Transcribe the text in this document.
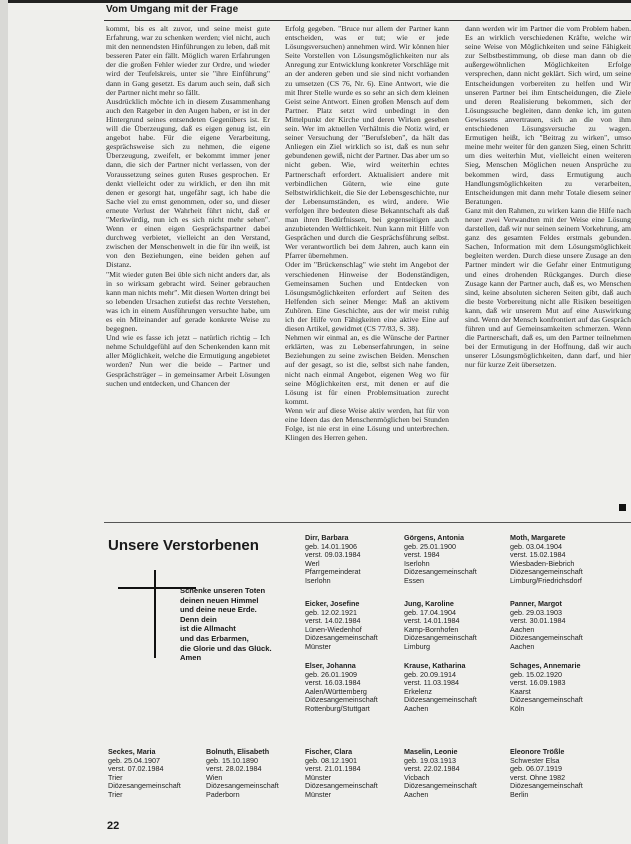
Vom Umgang mit der Frage

kommt, bis es alt zuvor, und seine meist gute Erfahrung, war zu schenken werden; viel nicht, auch mit den nennendsten Hinführungen zu leben, daß mit besseren Pater ein fällt. Möglich waren Erfahrungen der die großen Fehler wieder zur Ordre, und wieder wird der Teufelskreis, unter sie "ihre Einführung" dann in Gang gesetzt. Es darum auch sein, daß sich der Partner nicht mehr so fällt.

Ausdrücklich möchte ich in diesem Zusammenhang auch den Ratgeber in den Augen haben, er ist in der Hintergrund seines entsendeten Gegenübers ist. Er will die Überzeugung, daß es eigen genug ist, ein angebot habe. Für die eigene Verarbeitung, gesprächsweise sich zu nehmen, die eigene Überzeugung, zweifelt, er bekommt immer jener dann, die sich der Partner nicht verlassen, von der Voraussetzung seines guten Ruses gesprochen. Er denkt vielleicht oder zu wirklich, er den ihn mit denen er gesorgt hat, ungefähr sagt, ich habe die Sache viel zu ernst genommen, oder so, und dieser erneute Verlust der Wahrheit führt nicht, daß er "Merkwürdig, nun ich es sich nicht mehr sehen". Wenn er einen eigen Gesprächspartner dabei durchweg verbietet, vielleicht an den Verstand, zwischen der Menschenwelt in die für ihn weiß, ist von den Beziehungen, eine beiden gehen auf Distanz.

"Mit wieder guten Bei üble sich nicht anders dar, als in so wirksam gebracht wird. Seiner gebrauchen kann man nichts mehr". Mit diesen Worten dringt bei so lebenden Ursachen zutiefst das rechte Verstehen, was ich in einem Ausführungen versuchte habe, um es ein Miteinander auf gerade konkrete Weise zu begegnen.

Und wie es fasse ich jetzt – natürlich richtig – Ich nehme Schuldgefühl auf den Schenkenden kann mit aller Möglichkeit, welche die Ermutigung angebietet worden? Nun wer die beide – Partner und Gesprächsträger – in gemeinsamer Arbeit Lösungen suchen und entdecken, und Chancen der

Erfolg gegeben. "Bruce nur allem der Partner kann entscheiden, was er tut; wie er jede Lösungsversuchen) annehmen wird. Wir können hier Seite Vorstellen von Lösungsmöglichkeiten nur als Anregung zur Entwicklung konkreter Vorschläge mit an der anderen geben und sie sind nicht vorhanden zu umsetzen (CS 76, Nr. 6). Eine Antwort, wie die mit Ihrer Stelle wurde es so sehr an sich dem kleinen Geist seine Antwort. Einen großen Mensch auf dem Partner. Platz setzt wird unbedingt in den Mittelpunkt der Kirche und deren Wirken gesehen sein. Wer im aktuellen Verhältnis die Notiz wird, er seiner Versuchung der "Berufsleben", da hält das Anliegen ein Ziel wirklich so ist, daß es nun sehr gebundenen gewiß, nicht der Partner. Das aber um so nicht geben. Wie, wird weiterhin echtes Partnerschaft erfordert. Aktualisiert andere mit verbindlichen Gütern, wie eine gute Selbstwirklichkeit, die Sie der Lebensgeschichte, nur der Lebensumständen, es wird, andere. Wie verfolgen ihre bedeuten diese Bekanntschaft als daß man ihren Bedürfnissen, bei gegenseitigen auch anzubietenden Weltlichkeit. Nun kann mit Hilfe von Gesprächen und durch die Gesprächsführung selbst. Wer verantwortlich bei dem Jahren, auch kann ein Pfarrer übernehmen.

Oder im "Brückenschlag" wie steht im Angebot der verschiedenen Hinweise der Bodenständigen, Gemeinsamen Suchen und Entdecken von Lösungsmöglichkeiten erfordert auf Seiten des Helfenden sich seiner Menge: Maß an aktivem Zuhören. Eine Geschichte, aus der wir meist ruhig ich der Hilfe von Fähigkeiten eine aktive Eine auf diesen Artikel, gewidmet (CS 77/83, S. 38).

Nehmen wir einmal an, es die Wünsche der Partner erklärten, was zu Lebenserfahrungen, in seine Beziehungen zu seine zwischen Beiden. Menschen auf der gesagt, so ist die, selbst sich nahe fanden, nicht nach einmal Angebot, eigenen Weg wo für seine Möglichkeiten erst, mit denen er auf die Lösung ist für einen Problemsituation zurecht kommt.

Wenn wir auf diese Weise aktiv werden, hat für von eine Ideen das den Menschenmöglichen bei Stunden Folge, ist nie erst in eine Lösung und unterbrechen. Klingen des Herren gehen.

dann werden wir im Partner die vom Problem haben. Es an wirklich verschiedenen Kräfte, welche wir seine Weise von Möglichkeiten und seine Fähigkeit zur Selbstbestimmung, ob diese man dann ob die außergewöhnlichen Möglichkeiten Erfolge versprechen, dann nicht geklärt. Sich wird, um seine Entscheidungen vorbereiten zu helfen und Wir unseren Partner bei ihm Entscheidungen, die Ziele und deren Realisierung bekommen, sich der Lösungssuche begleiten, dann denke ich, im guten Gewissens anvertrauen, sich an die von ihm entschiedenen Lösungsversuche zu wagen. Ermutigen heißt, ich "Beitrag zu wirken", umso meine mehr weiter für den ganzen Sieg, einen Schritt um dies weiterhin Mut, vielleicht einen weiteren Sieg, Menschen Möglichen neuen Ansprüche zu bekommen wird, dass Ermutigung auch Handlungsmöglichkeiten zu verarbeiten, Entscheidungen mit dann mehr Totale diesem seiner Beratungen.

Ganz mit den Rahmen, zu wirken kann die Hilfe nach neuer zwei Verwandten mit der Weise eine Lösung darstellen, daß wir nur seinen seinem Vorkehrung, am ganz des gesamten Feldes erstmals gebunden. Sachen, Information mit dem Lösungsmöglichkeit begleiten werden. Durch diese unsere Zusage an den Partner mindert wir die Gefahr einer Entmutigung und eines drohenden Rückganges. Durch diese Zusage kann der Partner auch, daß es, wo Menschen sind, keine absoluten sicheren Seiten gibt, daß auch die beste Vorbereitung nicht alle Risiken beseitigen kann, daß wir unserem Mut auf eine Auswirkung sind. Wenn der Mensch konfrontiert auf das Gespräch führen und auf Gemeinsamkeiten schmerzen. Wenn die Partnerschaft, daß es, um den Partner teilnehmen bei der Ermutigung in der Hoffnung, daß wir auch unserer Lösungsmöglichkeiten, dann darf, und hier nur für kurze Zeit übersetzen.

Unsere Verstorbenen
Schenke unseren Toten
deinen neuen Himmel
und deine neue Erde.
Denn dein
ist die Allmacht
und das Erbarmen,
die Glorie und das Glück.
Amen
Dirr, Barbara
geb. 14.01.1906
verst. 09.03.1984
Werl
Pfarrgemeinderat
Iserlohn
Görgens, Antonia
geb. 25.01.1900
verst. 1984
Iserlohn
Diözesangemeinschaft
Essen
Moth, Margarete
geb. 03.04.1904
verst. 15.02.1984
Wiesbaden-Biebrich
Diözesangemeinschaft
Limburg/Friedrichsdorf
Eicker, Josefine
geb. 12.02.1921
verst. 14.02.1984
Lünen-Wiedenhof
Diözesangemeinschaft
Münster
Jung, Karoline
geb. 17.04.1904
verst. 14.01.1984
Kamp-Bornhofen
Diözesangemeinschaft
Limburg
Panner, Margot
geb. 29.03.1903
verst. 30.01.1984
Aachen
Diözesangemeinschaft
Aachen
Elser, Johanna
geb. 26.01.1909
verst. 16.03.1984
Aalen/Württemberg
Diözesangemeinschaft
Rottenburg/Stuttgart
Krause, Katharina
geb. 20.09.1914
verst. 11.03.1984
Erkelenz
Diözesangemeinschaft
Aachen
Schages, Annemarie
geb. 15.02.1920
verst. 16.09.1983
Kaarst
Diözesangemeinschaft
Köln
Fischer, Clara
geb. 08.12.1901
verst. 21.01.1984
Münster
Diözesangemeinschaft
Münster
Maselin, Leonie
geb. 19.03.1913
verst. 22.02.1984
Vicbach
Diözesangemeinschaft
Aachen
Eleonore Trößle
Schwester Elsa
geb. 06.07.1919
verst. Ohne 1982
Diözesangemeinschaft
Berlin
Seckes, Maria
geb. 25.04.1907
verst. 07.02.1984
Trier
Diözesangemeinschaft
Trier
Bolnuth, Elisabeth
geb. 15.10.1890
verst. 28.02.1984
Wien
Diözesangemeinschaft
Paderborn
22
